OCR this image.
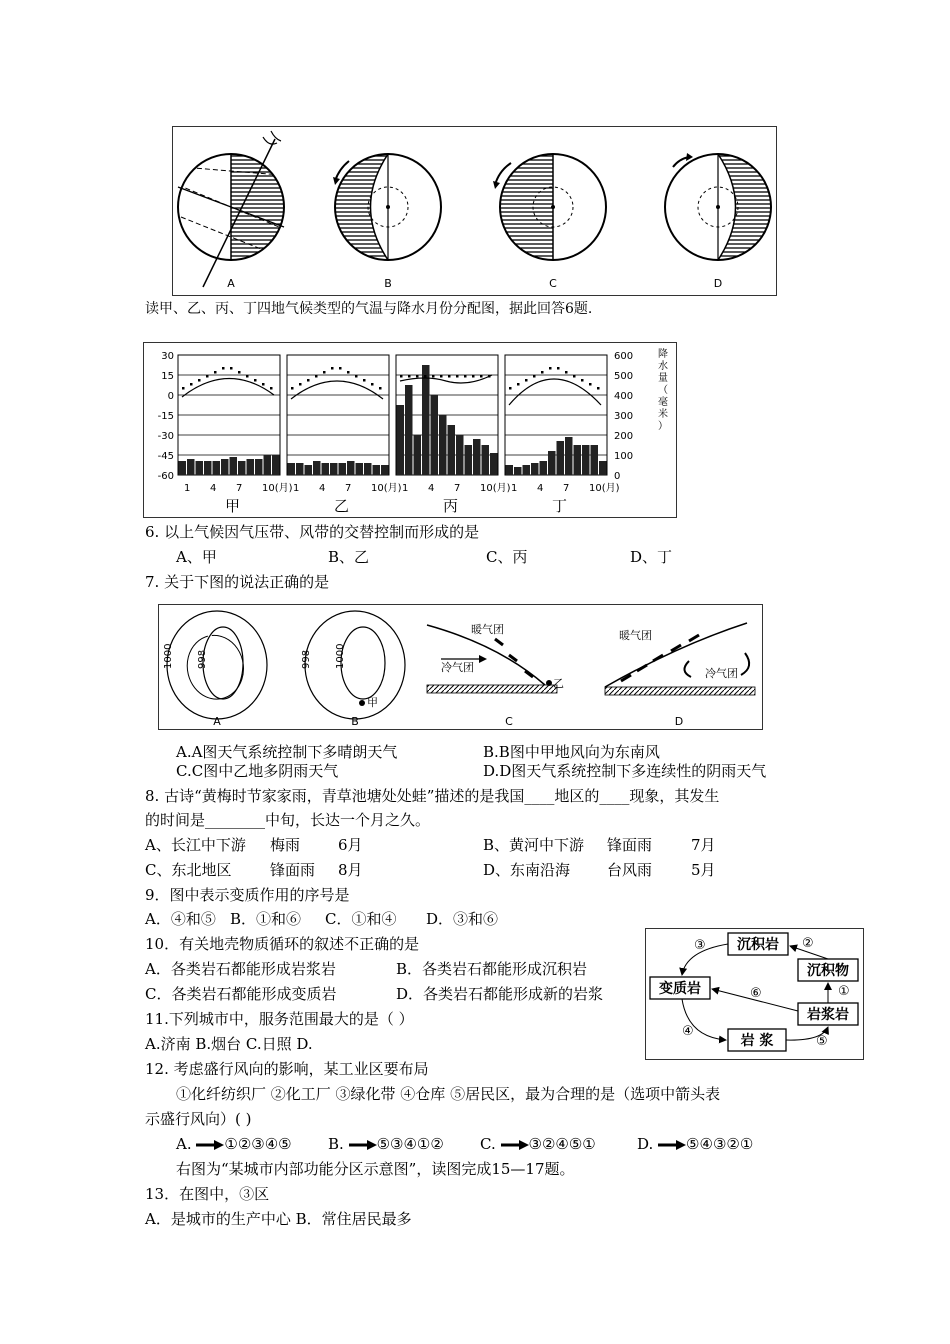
A	B	C	D
读甲、乙、丙、丁四地气候类型的气温与降水月份分配图，据此回答6题.
30
15
0
-15
-30
-45
-60
600
500
400
300
200
100
0
1 4 7 10(月)
甲
1 4 7 10(月)
乙
1 4 7 10(月)
丙
1 4 7 10(月)
丁
降水量（毫米）
6. 以上气候因气压带、风带的交替控制而形成的是
A、甲	B、乙	C、丙	D、丁
7. 关于下图的说法正确的是
1000 998
A
998 1000
甲
B
暖气团
冷气团
乙
C
暖气团
冷气团
D
A.A图天气系统控制下多晴朗天气	B.B图中甲地风向为东南风
C.C图中乙地多阴雨天气	D.D图天气系统控制下多连续性的阴雨天气
8. 古诗“黄梅时节家家雨，青草池塘处处蛙”描述的是我国____地区的____现象，其发生
的时间是________中旬，长达一个月之久。
A、长江中下游 梅雨	6月	B、黄河中下游 锋面雨	7月
C、东北地区	锋面雨 8月	D、东南沿海 台风雨	5月
9．图中表示变质作用的序号是
A．④和⑤ B．①和⑥ C．①和④ D．③和⑥
10．有关地壳物质循环的叙述不正确的是
A．各类岩石都能形成岩浆岩	B．各类岩石都能形成沉积岩
C．各类岩石都能形成变质岩	D．各类岩石都能形成新的岩浆
沉积岩
沉积物
变质岩
岩浆岩
岩 浆
③	②
①
⑥
④
⑤
11.下列城市中，服务范围最大的是（ ）
A.济南 B.烟台 C.日照 D.
12. 考虑盛行风向的影响，某工业区要布局
①化纤纺织厂 ②化工厂 ③绿化带 ④仓库 ⑤居民区，最为合理的是（选项中箭头表
示盛行风向）( )
A. ①②③④⑤ B. ⑤③④①② C. ③②④⑤①	D. ⑤④③②①
右图为“某城市内部功能分区示意图”，读图完成15—17题。
13．在图中，③区
A．是城市的生产中心 B．常住居民最多
